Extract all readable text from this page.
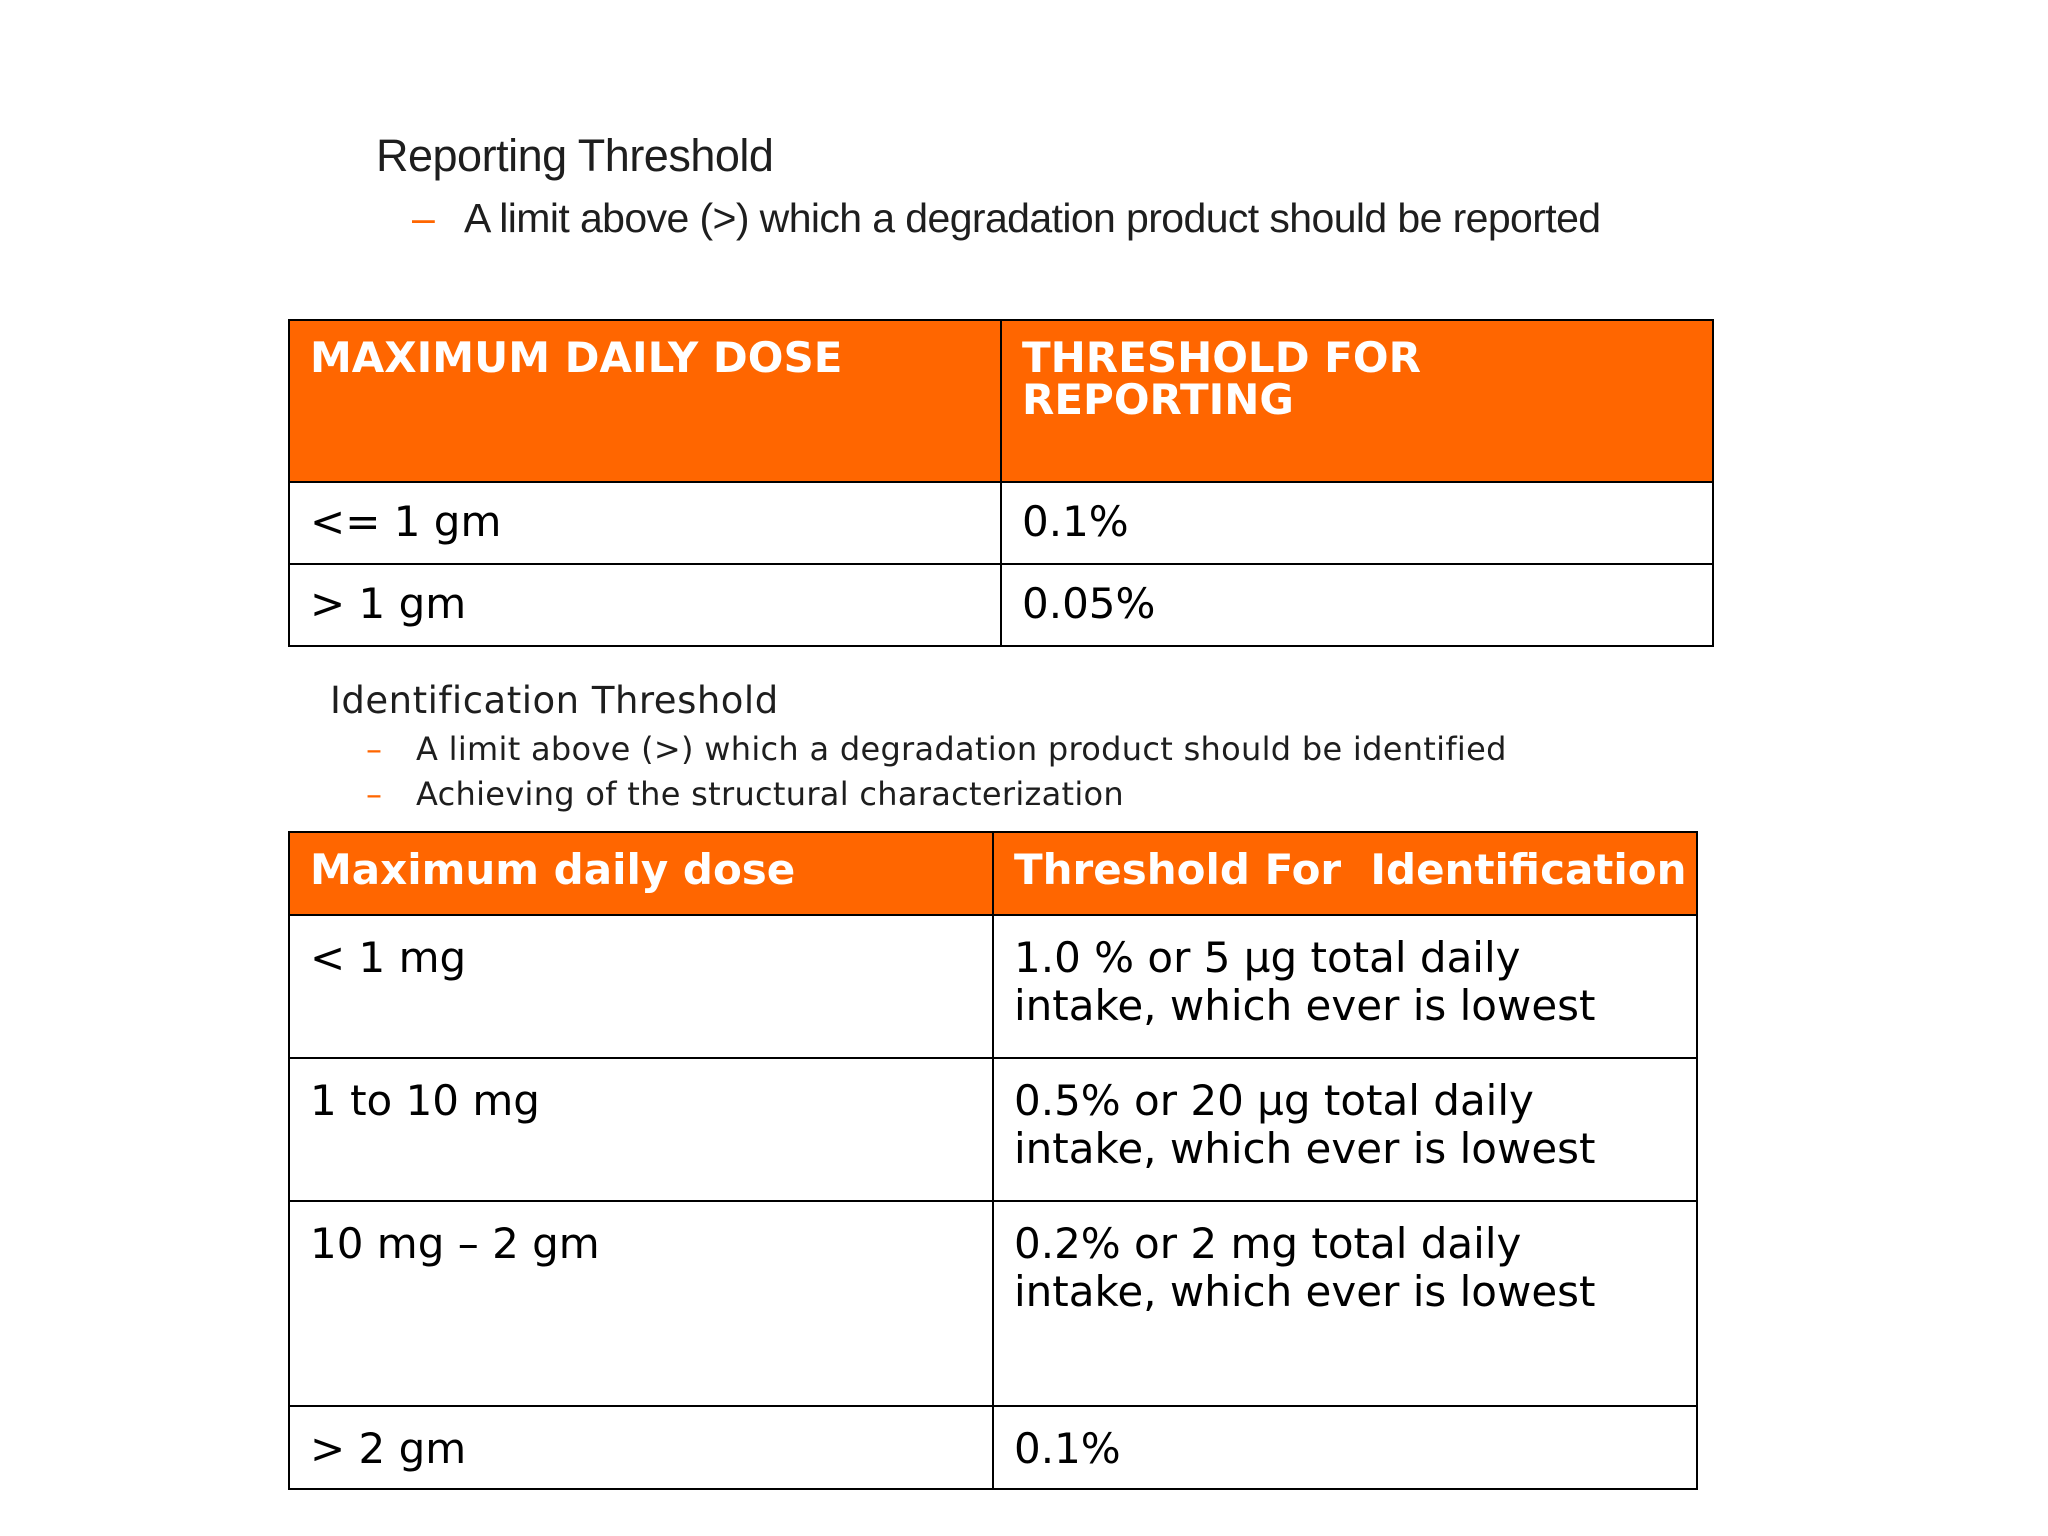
Reporting Threshold
– A limit above (>) which a degradation product should be reported
MAXIMUM DAILY DOSE	THRESHOLD FOR REPORTING
<= 1 gm	0.1%
> 1 gm	0.05%
Identification Threshold
– A limit above (>) which a degradation product should be identified
– Achieving of the structural characterization
Maximum daily dose	Threshold For  Identification
< 1 mg	1.0 % or 5 µg total daily intake, which ever is lowest
1 to 10 mg	0.5% or 20 µg total daily intake, which ever is lowest
10 mg – 2 gm	0.2% or 2 mg total daily intake, which ever is lowest
> 2 gm	0.1%
